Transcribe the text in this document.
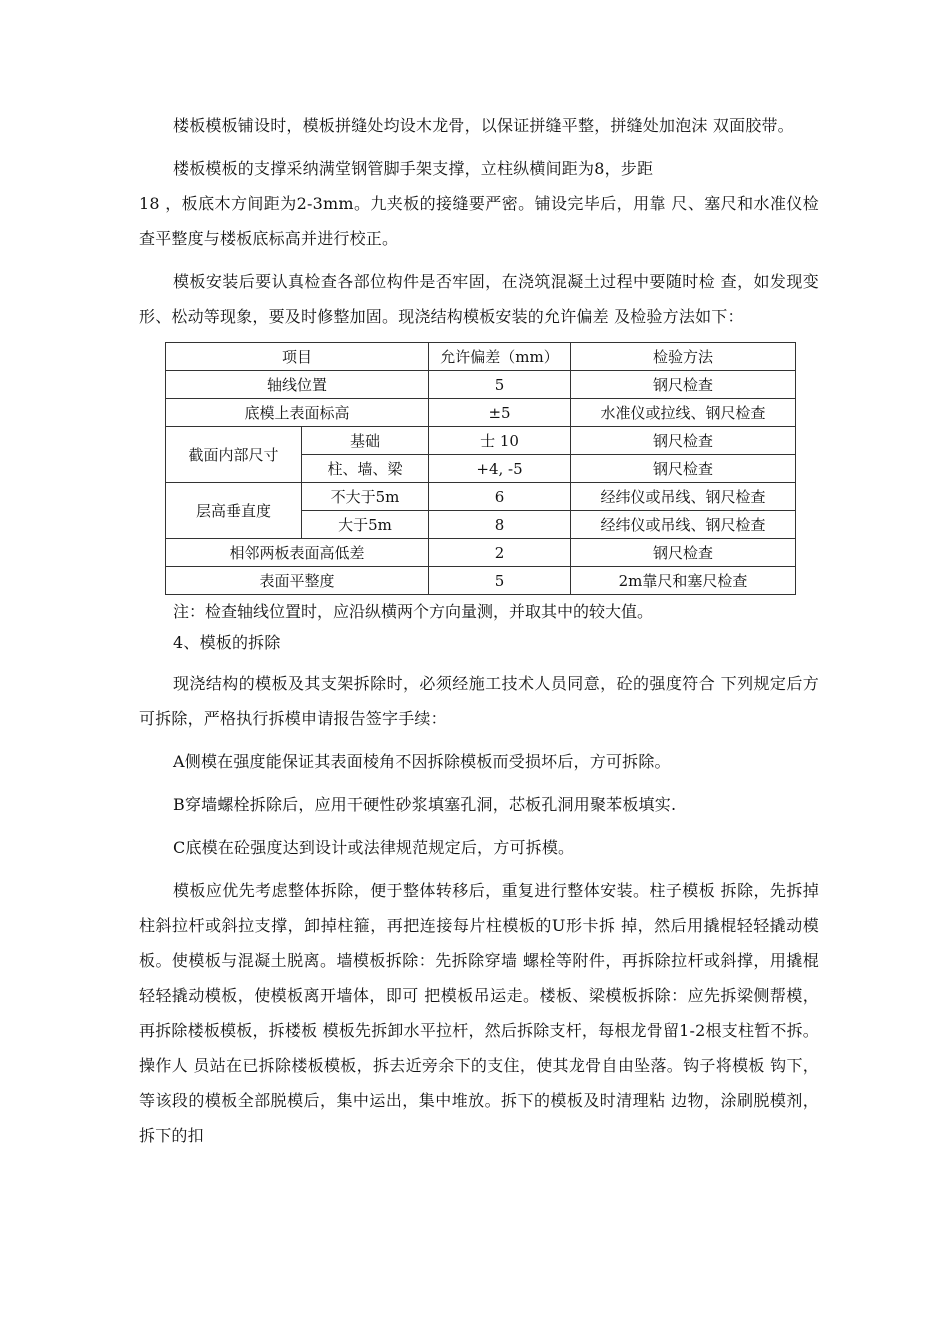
楼板模板铺设时，模板拼缝处均设木龙骨，以保证拼缝平整，拼缝处加泡沫 双面胶带。

楼板模板的支撑采纳满堂钢管脚手架支撑，立柱纵横间距为8，步距

18 ，板底木方间距为2-3mm。九夹板的接缝要严密。铺设完毕后，用靠 尺、塞尺和水准仪检查平整度与楼板底标高并进行校正。

模板安装后要认真检查各部位构件是否牢固，在浇筑混凝土过程中要随时检 查，如发现变形、松动等现象，要及时修整加固。现浇结构模板安装的允许偏差 及检验方法如下：

项目		允许偏差（mm）	检验方法
轴线位置		5	钢尺检查
底模上表面标高		±5	水准仪或拉线、钢尺检查
截面内部尺寸	基础	士 10	钢尺检查
	柱、墙、梁	+4, -5	钢尺检查
层高垂直度	不大于5m	6	经纬仪或吊线、钢尺检查
	大于5m	8	经纬仪或吊线、钢尺检查
相邻两板表面高低差		2	钢尺检查
表面平整度		5	2m靠尺和塞尺检查

注：检查轴线位置时，应沿纵横两个方向量测，并取其中的较大值。

4、模板的拆除

现浇结构的模板及其支架拆除时，必须经施工技术人员同意，砼的强度符合 下列规定后方可拆除，严格执行拆模申请报告签字手续：

A侧模在强度能保证其表面棱角不因拆除模板而受损坏后，方可拆除。

B穿墙螺栓拆除后，应用干硬性砂浆填塞孔洞，芯板孔洞用聚苯板填实.

C底模在砼强度达到设计或法律规范规定后，方可拆模。

模板应优先考虑整体拆除，便于整体转移后，重复进行整体安装。柱子模板 拆除，先拆掉柱斜拉杆或斜拉支撑，卸掉柱箍，再把连接每片柱模板的U形卡拆 掉，然后用撬棍轻轻撬动模板。使模板与混凝土脱离。墙模板拆除：先拆除穿墙 螺栓等附件，再拆除拉杆或斜撑，用撬棍轻轻撬动模板，使模板离开墙体，即可 把模板吊运走。楼板、梁模板拆除：应先拆梁侧帮模，再拆除楼板模板，拆楼板 模板先拆卸水平拉杆，然后拆除支杆，每根龙骨留1-2根支柱暂不拆。操作人 员站在已拆除楼板模板，拆去近旁余下的支住，使其龙骨自由坠落。钩子将模板 钩下，等该段的模板全部脱模后，集中运出，集中堆放。拆下的模板及时清理粘 边物，涂刷脱模剂，拆下的扣
